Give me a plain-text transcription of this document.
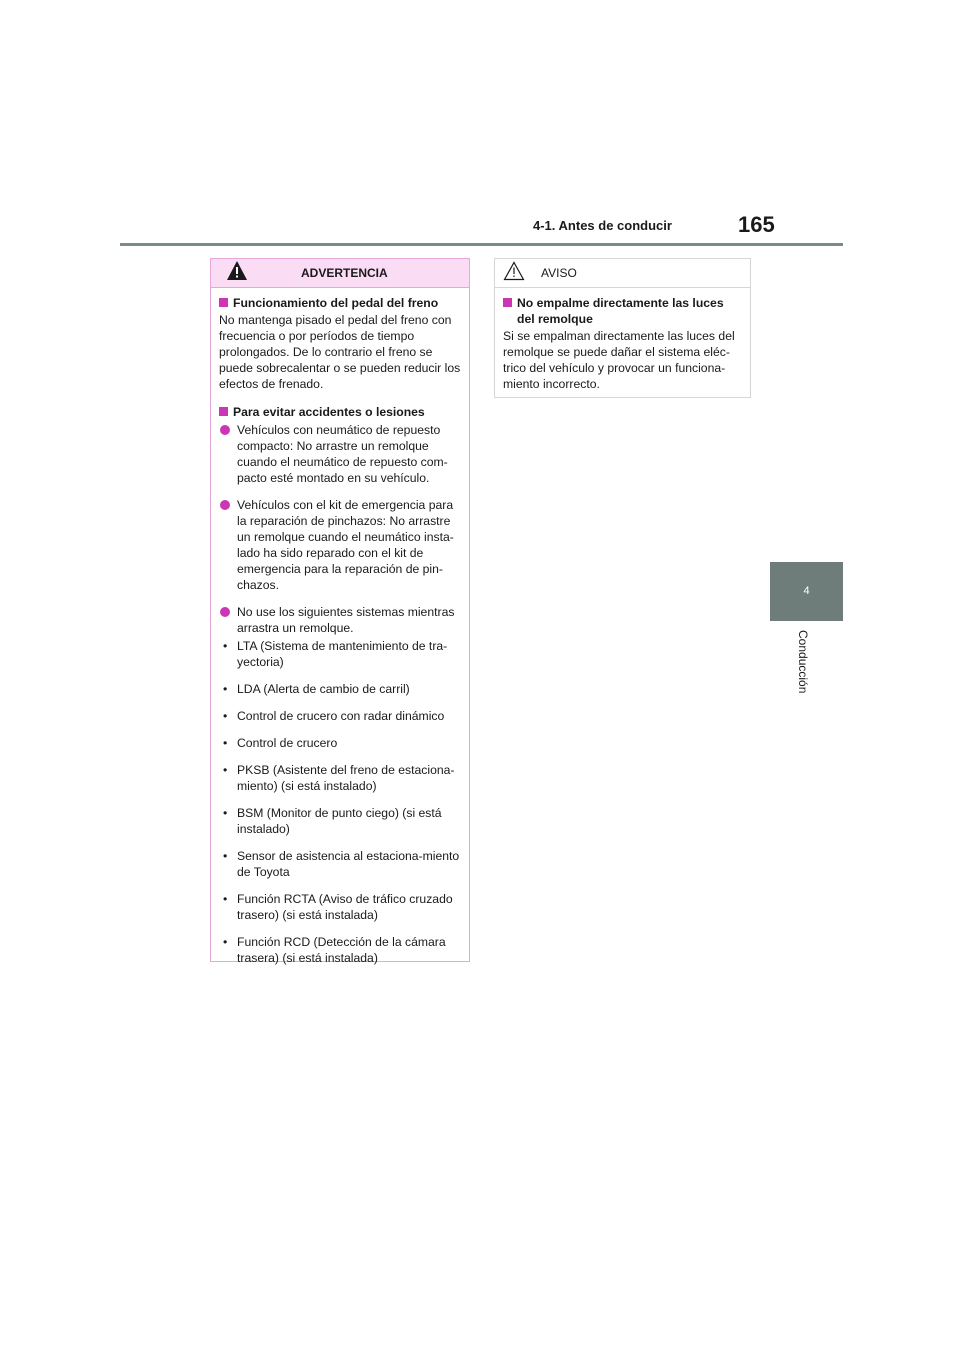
4-1. Antes de conducir	165
4
Conducción
ADVERTENCIA
Funcionamiento del pedal del freno
No mantenga pisado el pedal del freno con frecuencia o por períodos de tiempo prolongados. De lo contrario el freno se puede sobrecalentar o se pueden reducir los efectos de frenado.
Para evitar accidentes o lesiones
Vehículos con neumático de repuesto compacto: No arrastre un remolque cuando el neumático de repuesto com-pacto esté montado en su vehículo.
Vehículos con el kit de emergencia para la reparación de pinchazos: No arrastre un remolque cuando el neumático insta-lado ha sido reparado con el kit de emergencia para la reparación de pin-chazos.
No use los siguientes sistemas mientras arrastra un remolque.
• LTA (Sistema de mantenimiento de tra-yectoria)
• LDA (Alerta de cambio de carril)
• Control de crucero con radar dinámico
• Control de crucero
• PKSB (Asistente del freno de estaciona-miento) (si está instalado)
• BSM (Monitor de punto ciego) (si está instalado)
• Sensor de asistencia al estaciona-miento de Toyota
• Función RCTA (Aviso de tráfico cruzado trasero) (si está instalada)
• Función RCD (Detección de la cámara trasera) (si está instalada)
AVISO
No empalme directamente las luces del remolque
Si se empalman directamente las luces del remolque se puede dañar el sistema eléc-trico del vehículo y provocar un funciona-miento incorrecto.
